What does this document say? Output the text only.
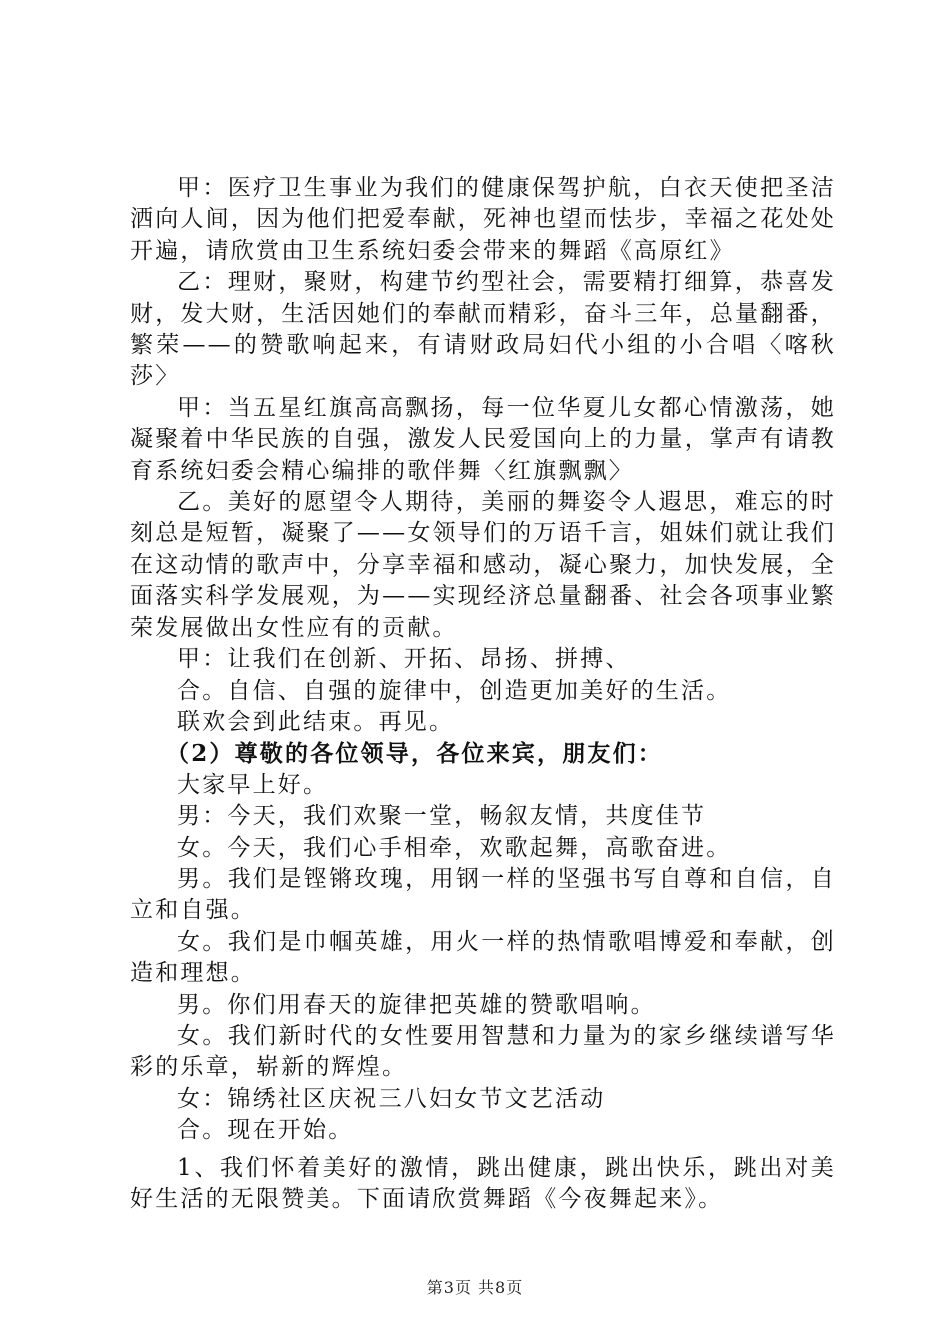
甲：医疗卫生事业为我们的健康保驾护航，白衣天使把圣洁洒向人间，因为他们把爱奉献，死神也望而怯步，幸福之花处处开遍，请欣赏由卫生系统妇委会带来的舞蹈《高原红》

乙：理财，聚财，构建节约型社会，需要精打细算，恭喜发财，发大财，生活因她们的奉献而精彩，奋斗三年，总量翻番，繁荣——的赞歌响起来，有请财政局妇代小组的小合唱〈喀秋莎〉

甲：当五星红旗高高飘扬，每一位华夏儿女都心情激荡，她凝聚着中华民族的自强，激发人民爱国向上的力量，掌声有请教育系统妇委会精心编排的歌伴舞〈红旗飘飘〉

乙。美好的愿望令人期待，美丽的舞姿令人遐思，难忘的时刻总是短暂，凝聚了——女领导们的万语千言，姐妹们就让我们在这动情的歌声中，分享幸福和感动，凝心聚力，加快发展，全面落实科学发展观，为——实现经济总量翻番、社会各项事业繁荣发展做出女性应有的贡献。

甲：让我们在创新、开拓、昂扬、拼搏、

合。自信、自强的旋律中，创造更加美好的生活。

联欢会到此结束。再见。

（2）尊敬的各位领导，各位来宾，朋友们：

大家早上好。

男：今天，我们欢聚一堂，畅叙友情，共度佳节

女。今天，我们心手相牵，欢歌起舞，高歌奋进。

男。我们是铿锵玫瑰，用钢一样的坚强书写自尊和自信，自立和自强。

女。我们是巾帼英雄，用火一样的热情歌唱博爱和奉献，创造和理想。

男。你们用春天的旋律把英雄的赞歌唱响。

女。我们新时代的女性要用智慧和力量为的家乡继续谱写华彩的乐章，崭新的辉煌。

女：锦绣社区庆祝三八妇女节文艺活动

合。现在开始。

1、我们怀着美好的激情，跳出健康，跳出快乐，跳出对美好生活的无限赞美。下面请欣赏舞蹈《今夜舞起来》。

第3页 共8页
